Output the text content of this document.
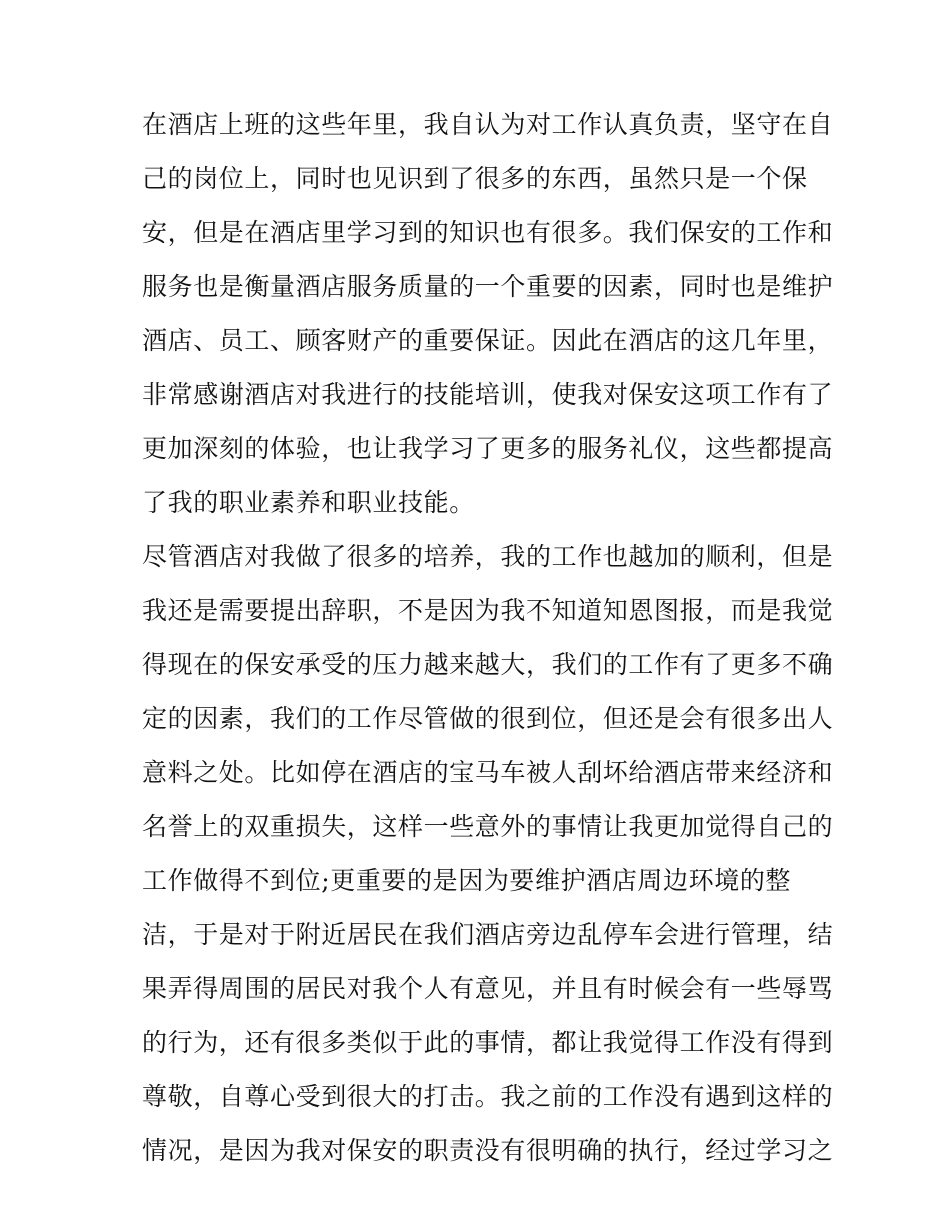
在酒店上班的这些年里，我自认为对工作认真负责，坚守在自
己的岗位上，同时也见识到了很多的东西，虽然只是一个保
安，但是在酒店里学习到的知识也有很多。我们保安的工作和
服务也是衡量酒店服务质量的一个重要的因素，同时也是维护
酒店、员工、顾客财产的重要保证。因此在酒店的这几年里，
非常感谢酒店对我进行的技能培训，使我对保安这项工作有了
更加深刻的体验，也让我学习了更多的服务礼仪，这些都提高
了我的职业素养和职业技能。
尽管酒店对我做了很多的培养，我的工作也越加的顺利，但是
我还是需要提出辞职，不是因为我不知道知恩图报，而是我觉
得现在的保安承受的压力越来越大，我们的工作有了更多不确
定的因素，我们的工作尽管做的很到位，但还是会有很多出人
意料之处。比如停在酒店的宝马车被人刮坏给酒店带来经济和
名誉上的双重损失，这样一些意外的事情让我更加觉得自己的
工作做得不到位;更重要的是因为要维护酒店周边环境的整
洁，于是对于附近居民在我们酒店旁边乱停车会进行管理，结
果弄得周围的居民对我个人有意见，并且有时候会有一些辱骂
的行为，还有很多类似于此的事情，都让我觉得工作没有得到
尊敬，自尊心受到很大的打击。我之前的工作没有遇到这样的
情况，是因为我对保安的职责没有很明确的执行，经过学习之
